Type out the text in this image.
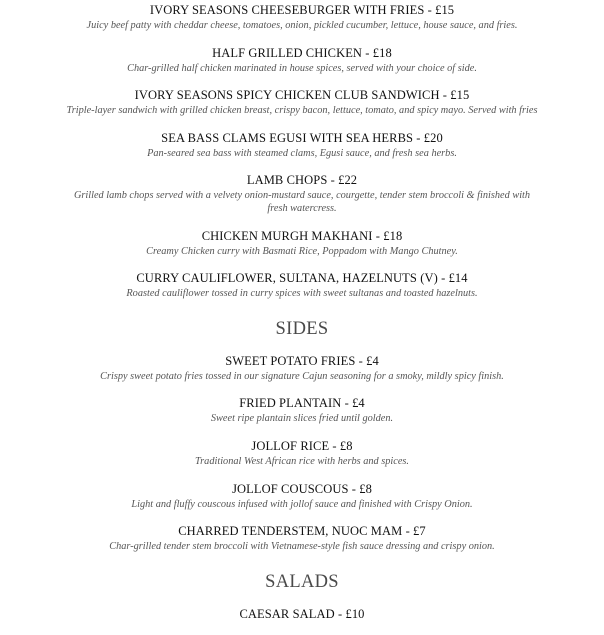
IVORY SEASONS CHEESEBURGER WITH FRIES - £15
Juicy beef patty with cheddar cheese, tomatoes, onion, pickled cucumber, lettuce, house sauce, and fries.
HALF GRILLED CHICKEN - £18
Char-grilled half chicken marinated in house spices, served with your choice of side.
IVORY SEASONS SPICY CHICKEN CLUB SANDWICH - £15
Triple-layer sandwich with grilled chicken breast, crispy bacon, lettuce, tomato, and spicy mayo. Served with fries
SEA BASS CLAMS EGUSI WITH SEA HERBS - £20
Pan-seared sea bass with steamed clams, Egusi sauce, and fresh sea herbs.
LAMB CHOPS - £22
Grilled lamb chops served with a velvety onion-mustard sauce, courgette, tender stem broccoli & finished with fresh watercress.
CHICKEN MURGH MAKHANI - £18
Creamy Chicken curry with Basmati Rice, Poppadom with Mango Chutney.
CURRY CAULIFLOWER, SULTANA, HAZELNUTS (V) - £14
Roasted cauliflower tossed in curry spices with sweet sultanas and toasted hazelnuts.
SIDES
SWEET POTATO FRIES - £4
Crispy sweet potato fries tossed in our signature Cajun seasoning for a smoky, mildly spicy finish.
FRIED PLANTAIN - £4
Sweet ripe plantain slices fried until golden.
JOLLOF RICE - £8
Traditional West African rice with herbs and spices.
JOLLOF COUSCOUS - £8
Light and fluffy couscous infused with jollof sauce and finished with Crispy Onion.
CHARRED TENDERSTEM, NUOC MAM - £7
Char-grilled tender stem broccoli with Vietnamese-style fish sauce dressing and crispy onion.
SALADS
CAESAR SALAD - £10
